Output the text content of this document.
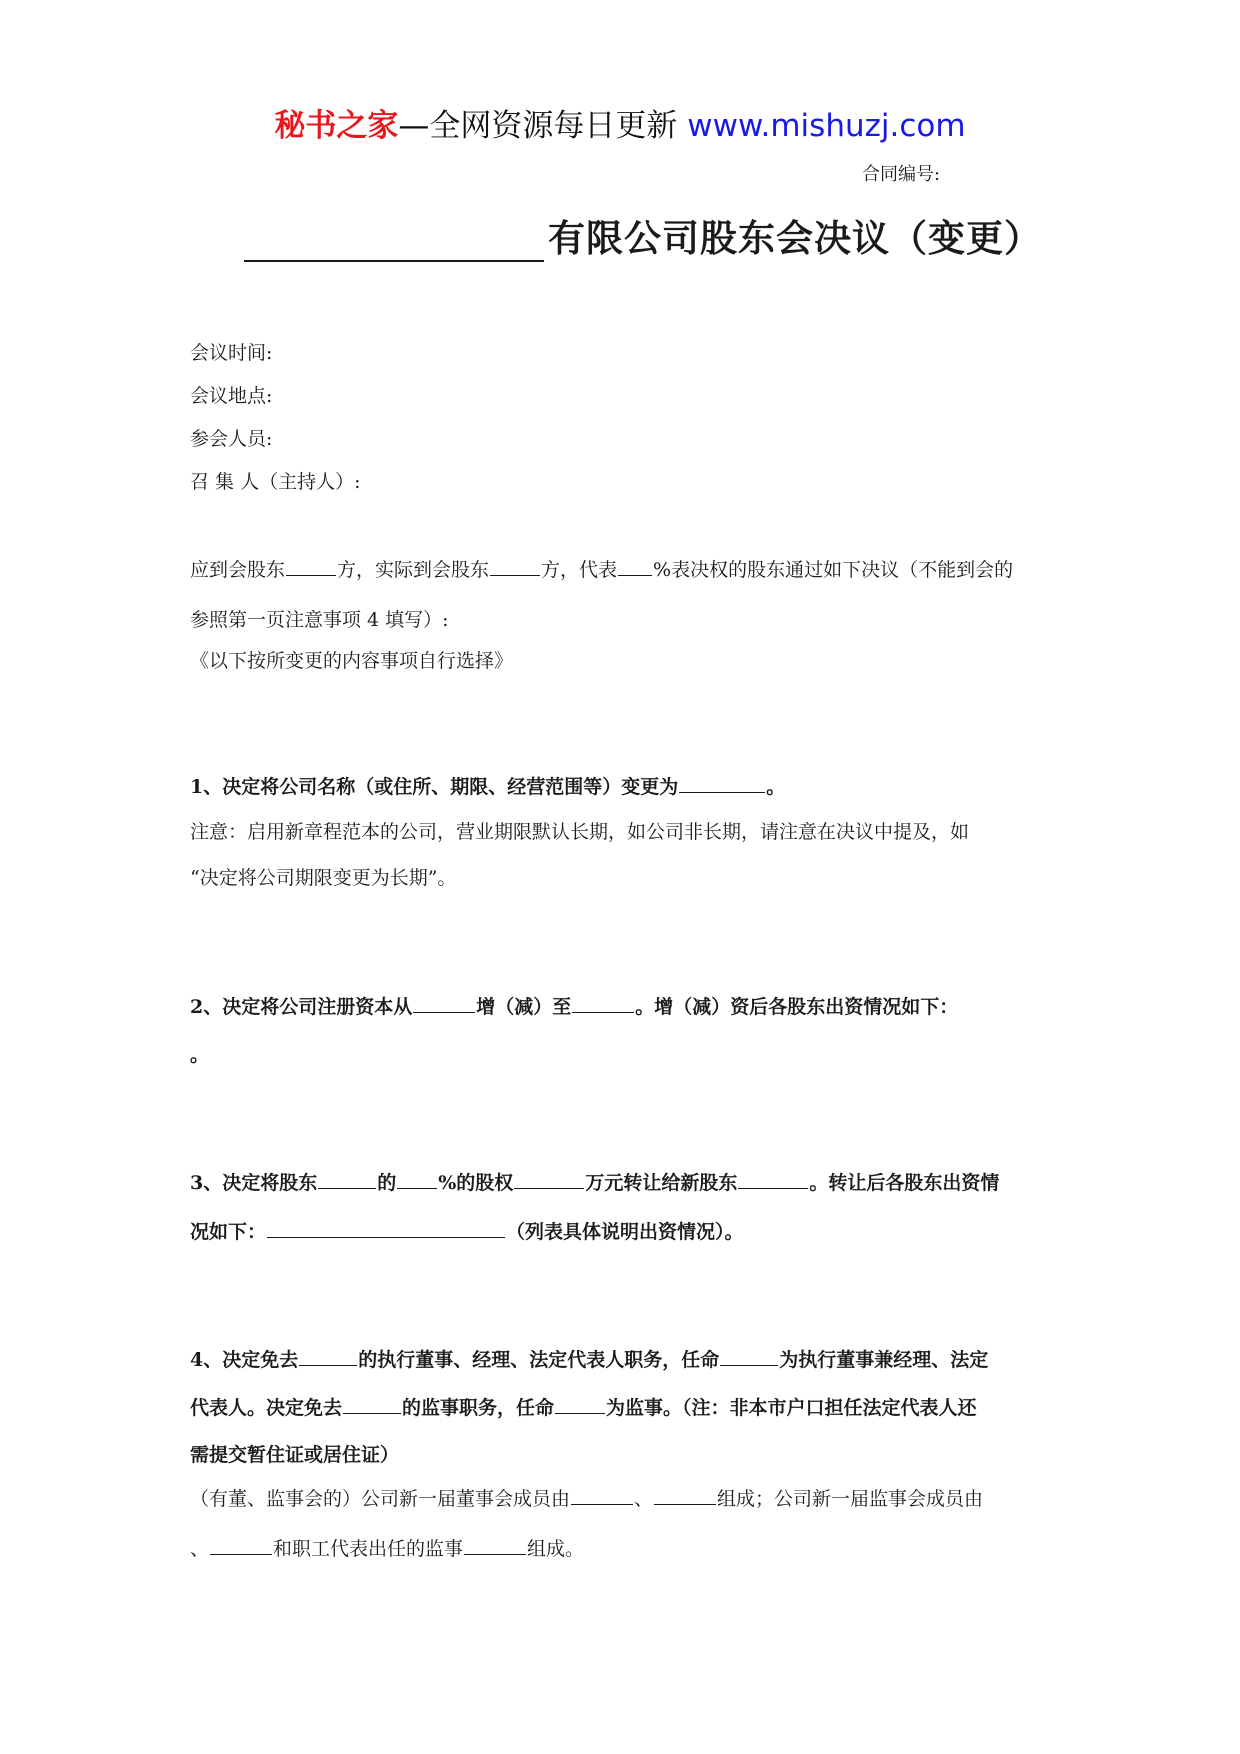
秘书之家—全网资源每日更新 www.mishuzj.com
合同编号:
有限公司股东会决议（变更）
会议时间:
会议地点:
参会人员:
召 集 人（主持人）:
应到会股东	方，实际到会股东	方，代表 %表决权的股东通过如下决议（不能到会的
参照第一页注意事项 4 填写）:
《以下按所变更的内容事项自行选择》
1、决定将公司名称（或住所、期限、经营范围等）变更为	。
注意：启用新章程范本的公司，营业期限默认长期，如公司非长期，请注意在决议中提及，如
“决定将公司期限变更为长期”。
2、决定将公司注册资本从	增（减）至	。增（减）资后各股东出资情况如下：
。
3、决定将股东	的 %的股权	万元转让给新股东	。转让后各股东出资情
况如下：	（列表具体说明出资情况）。
4、决定免去	的执行董事、经理、法定代表人职务，任命	为执行董事兼经理、法定
代表人。决定免去	的监事职务，任命	为监事。（注：非本市户口担任法定代表人还
需提交暂住证或居住证）
（有董、监事会的）公司新一届董事会成员由	、	组成；公司新一届监事会成员由
、	和职工代表出任的监事	组成。
